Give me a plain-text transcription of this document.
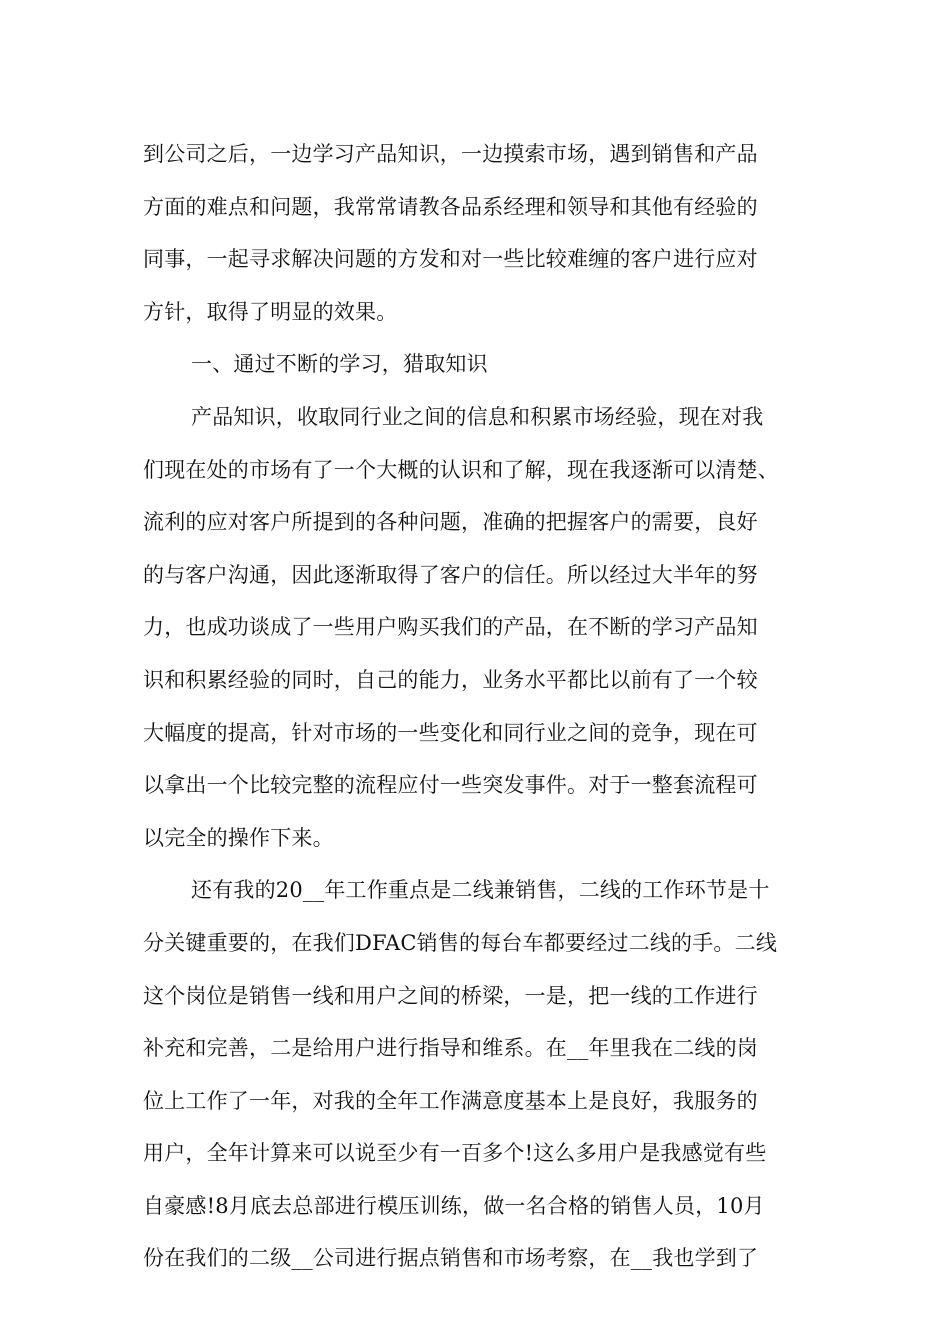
到公司之后，一边学习产品知识，一边摸索市场，遇到销售和产品
方面的难点和问题，我常常请教各品系经理和领导和其他有经验的
同事，一起寻求解决问题的方发和对一些比较难缠的客户进行应对
方针，取得了明显的效果。
一、通过不断的学习，猎取知识
产品知识，收取同行业之间的信息和积累市场经验，现在对我
们现在处的市场有了一个大概的认识和了解，现在我逐渐可以清楚、
流利的应对客户所提到的各种问题，准确的把握客户的需要，良好
的与客户沟通，因此逐渐取得了客户的信任。所以经过大半年的努
力，也成功谈成了一些用户购买我们的产品，在不断的学习产品知
识和积累经验的同时，自己的能力，业务水平都比以前有了一个较
大幅度的提高，针对市场的一些变化和同行业之间的竞争，现在可
以拿出一个比较完整的流程应付一些突发事件。对于一整套流程可
以完全的操作下来。
还有我的20__年工作重点是二线兼销售，二线的工作环节是十
分关键重要的，在我们DFAC销售的每台车都要经过二线的手。二线
这个岗位是销售一线和用户之间的桥梁，一是，把一线的工作进行
补充和完善，二是给用户进行指导和维系。在__年里我在二线的岗
位上工作了一年，对我的全年工作满意度基本上是良好，我服务的
用户，全年计算来可以说至少有一百多个!这么多用户是我感觉有些
自豪感!8月底去总部进行模压训练，做一名合格的销售人员，10月
份在我们的二级__公司进行据点销售和市场考察，在__我也学到了
